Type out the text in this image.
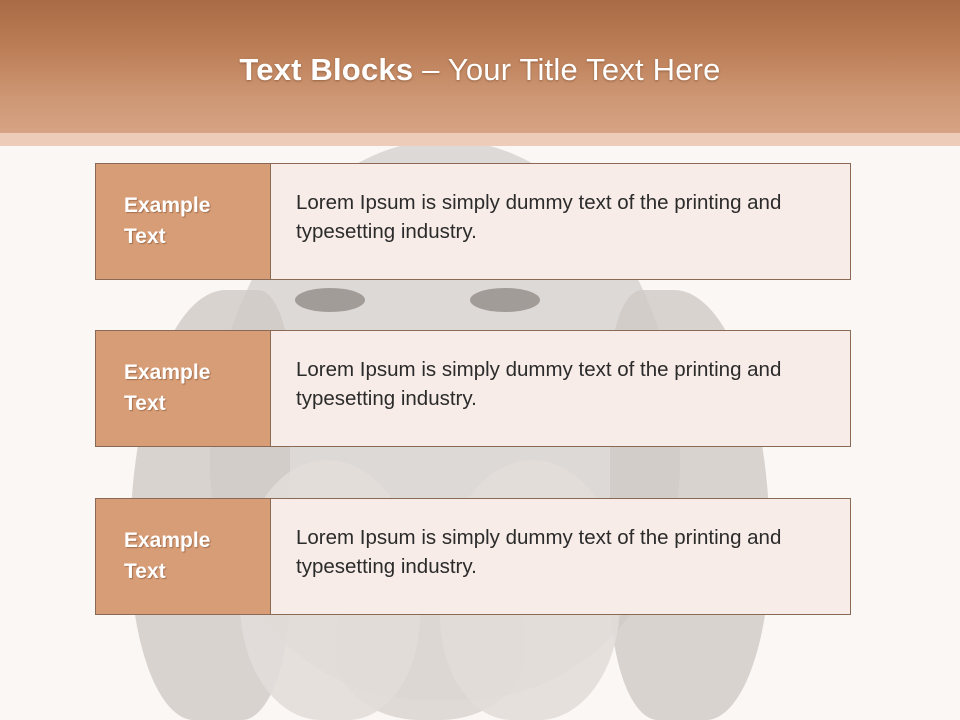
Text Blocks – Your Title Text Here
Example
Text
Lorem Ipsum is simply dummy text of the printing and typesetting industry.
Example
Text
Lorem Ipsum is simply dummy text of the printing and typesetting industry.
Example
Text
Lorem Ipsum is simply dummy text of the printing and typesetting industry.
